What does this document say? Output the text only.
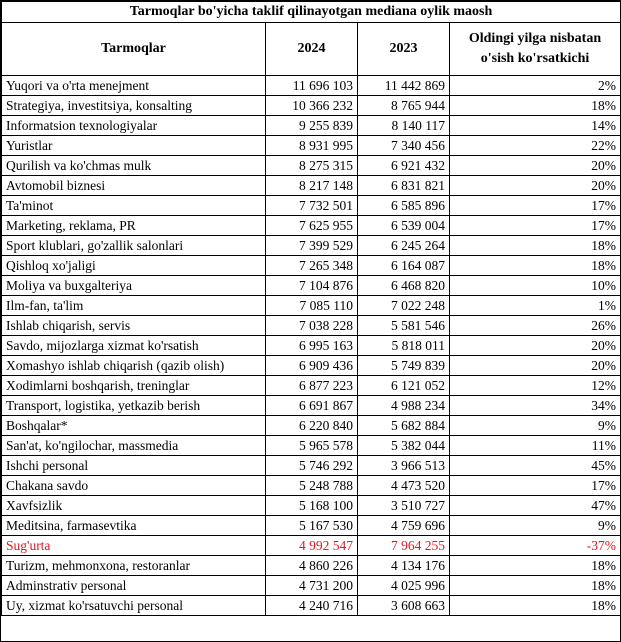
Tarmoqlar bo'yicha taklif qilinayotgan mediana oylik maosh			
Tarmoqlar	2024	2023	Oldingi yilga nisbatan o'sish ko'rsatkichi
Yuqori va o'rta menejment	11 696 103	11 442 869	2%
Strategiya, investitsiya, konsalting	10 366 232	8 765 944	18%
Informatsion texnologiyalar	9 255 839	8 140 117	14%
Yuristlar	8 931 995	7 340 456	22%
Qurilish va ko'chmas mulk	8 275 315	6 921 432	20%
Avtomobil biznesi	8 217 148	6 831 821	20%
Ta'minot	7 732 501	6 585 896	17%
Marketing, reklama, PR	7 625 955	6 539 004	17%
Sport klublari, go'zallik salonlari	7 399 529	6 245 264	18%
Qishloq xo'jaligi	7 265 348	6 164 087	18%
Moliya va buxgalteriya	7 104 876	6 468 820	10%
Ilm-fan, ta'lim	7 085 110	7 022 248	1%
Ishlab chiqarish, servis	7 038 228	5 581 546	26%
Savdo, mijozlarga xizmat ko'rsatish	6 995 163	5 818 011	20%
Xomashyo ishlab chiqarish (qazib olish)	6 909 436	5 749 839	20%
Xodimlarni boshqarish, treninglar	6 877 223	6 121 052	12%
Transport, logistika, yetkazib berish	6 691 867	4 988 234	34%
Boshqalar*	6 220 840	5 682 884	9%
San'at, ko'ngilochar, massmedia	5 965 578	5 382 044	11%
Ishchi personal	5 746 292	3 966 513	45%
Chakana savdo	5 248 788	4 473 520	17%
Xavfsizlik	5 168 100	3 510 727	47%
Meditsina, farmasevtika	5 167 530	4 759 696	9%
Sug'urta	4 992 547	7 964 255	-37%
Turizm, mehmonxona, restoranlar	4 860 226	4 134 176	18%
Adminstrativ personal	4 731 200	4 025 996	18%
Uy, xizmat ko'rsatuvchi personal	4 240 716	3 608 663	18%
